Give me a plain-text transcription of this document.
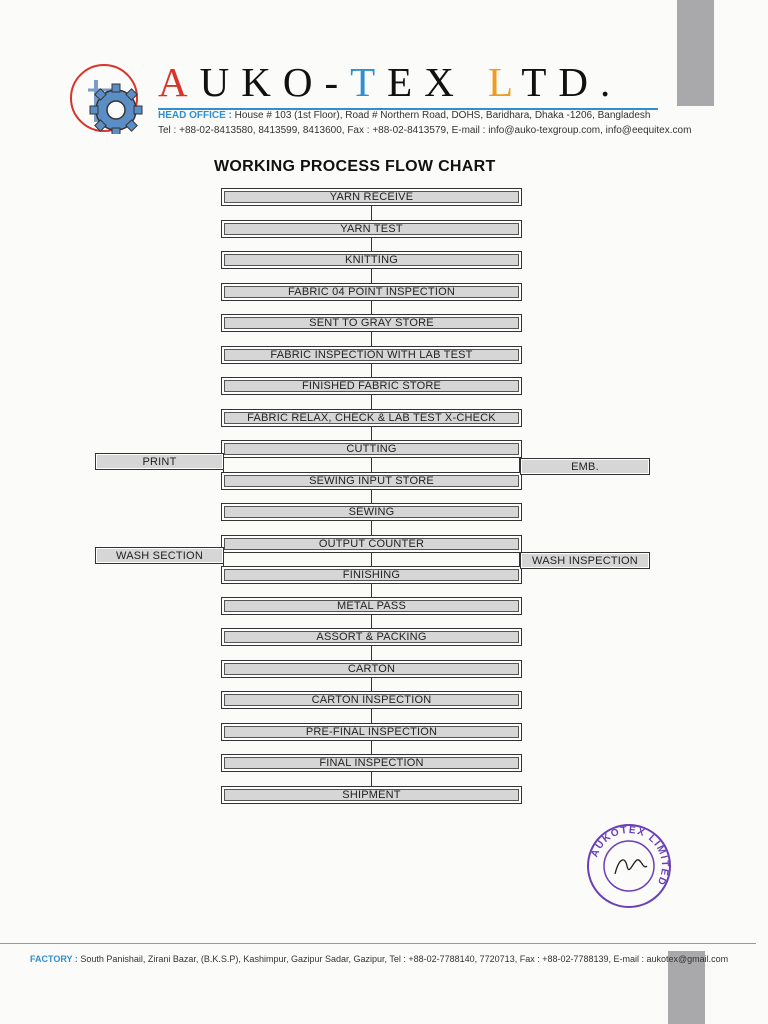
AUKO-TEX LTD.
HEAD OFFICE : House # 103 (1st Floor), Road # Northern Road, DOHS, Baridhara, Dhaka -1206, Bangladesh
Tel : +88-02-8413580, 8413599, 8413600, Fax : +88-02-8413579, E-mail : info@auko-texgroup.com, info@eequitex.com
WORKING PROCESS FLOW CHART
YARN RECEIVE
YARN TEST
KNITTING
FABRIC 04 POINT INSPECTION
SENT TO GRAY STORE
FABRIC INSPECTION WITH LAB TEST
FINISHED FABRIC STORE
FABRIC RELAX, CHECK & LAB TEST X-CHECK
CUTTING
SEWING INPUT STORE
SEWING
OUTPUT COUNTER
FINISHING
METAL PASS
ASSORT & PACKING
CARTON
CARTON INSPECTION
PRE-FINAL INSPECTION
FINAL INSPECTION
SHIPMENT
PRINT	EMB.
WASH SECTION	WASH INSPECTION
AUKOTEX LIMITED
FACTORY : South Panishail, Zirani Bazar, (B.K.S.P), Kashimpur, Gazipur Sadar, Gazipur, Tel : +88-02-7788140, 7720713, Fax : +88-02-7788139, E-mail : aukotex@gmail.com
